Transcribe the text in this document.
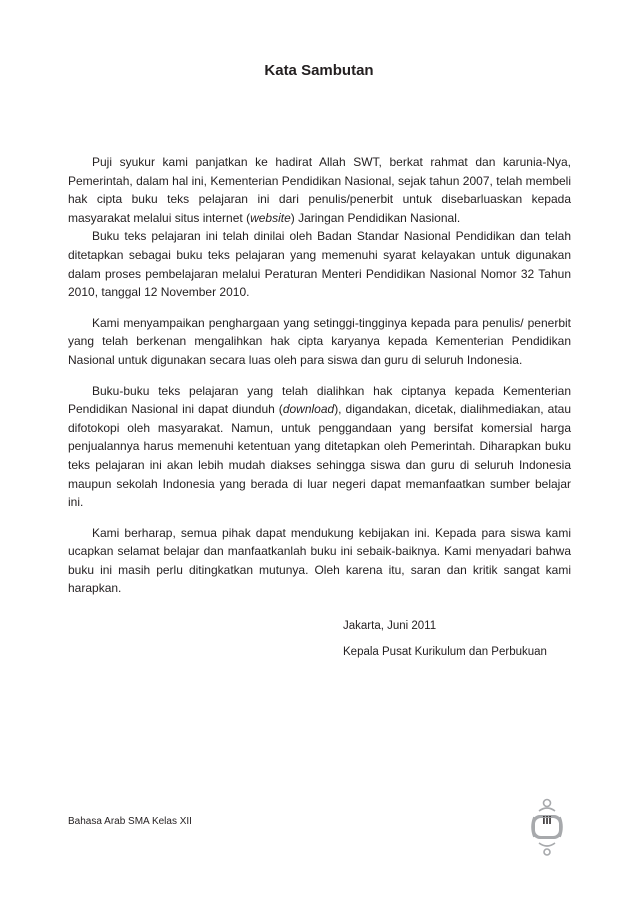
Kata Sambutan

Puji syukur kami panjatkan ke hadirat Allah SWT, berkat rahmat dan karunia-Nya, Pemerintah, dalam hal ini, Kementerian Pendidikan Nasional, sejak tahun 2007, telah membeli hak cipta buku teks pelajaran ini dari penulis/penerbit untuk disebarluaskan kepada masyarakat melalui situs internet (website) Jaringan Pendidikan Nasional.

Buku teks pelajaran ini telah dinilai oleh Badan Standar Nasional Pendidikan dan telah ditetapkan sebagai buku teks pelajaran yang memenuhi syarat kelayakan untuk digunakan dalam proses pembelajaran melalui Peraturan Menteri Pendidikan Nasional Nomor 32 Tahun 2010, tanggal 12 November 2010.

Kami menyampaikan penghargaan yang setinggi-tingginya kepada para penulis/ penerbit yang telah berkenan mengalihkan hak cipta karyanya kepada Kementerian Pendidikan Nasional untuk digunakan secara luas oleh para siswa dan guru di seluruh Indonesia.

Buku-buku teks pelajaran yang telah dialihkan hak ciptanya kepada Kementerian Pendidikan Nasional ini dapat diunduh (download), digandakan, dicetak, dialihmediakan, atau difotokopi oleh masyarakat. Namun, untuk penggandaan yang bersifat komersial harga penjualannya harus memenuhi ketentuan yang ditetapkan oleh Pemerintah. Diharapkan buku teks pelajaran ini akan lebih mudah diakses sehingga siswa dan guru di seluruh Indonesia maupun sekolah Indonesia yang berada di luar negeri dapat memanfaatkan sumber belajar ini.

Kami berharap, semua pihak dapat mendukung kebijakan ini. Kepada para siswa kami ucapkan selamat belajar dan manfaatkanlah buku ini sebaik-baiknya. Kami menyadari bahwa buku ini masih perlu ditingkatkan mutunya. Oleh karena itu, saran dan kritik sangat kami harapkan.

Jakarta, Juni 2011
Kepala Pusat Kurikulum dan Perbukuan
Bahasa Arab SMA Kelas XII	iii
